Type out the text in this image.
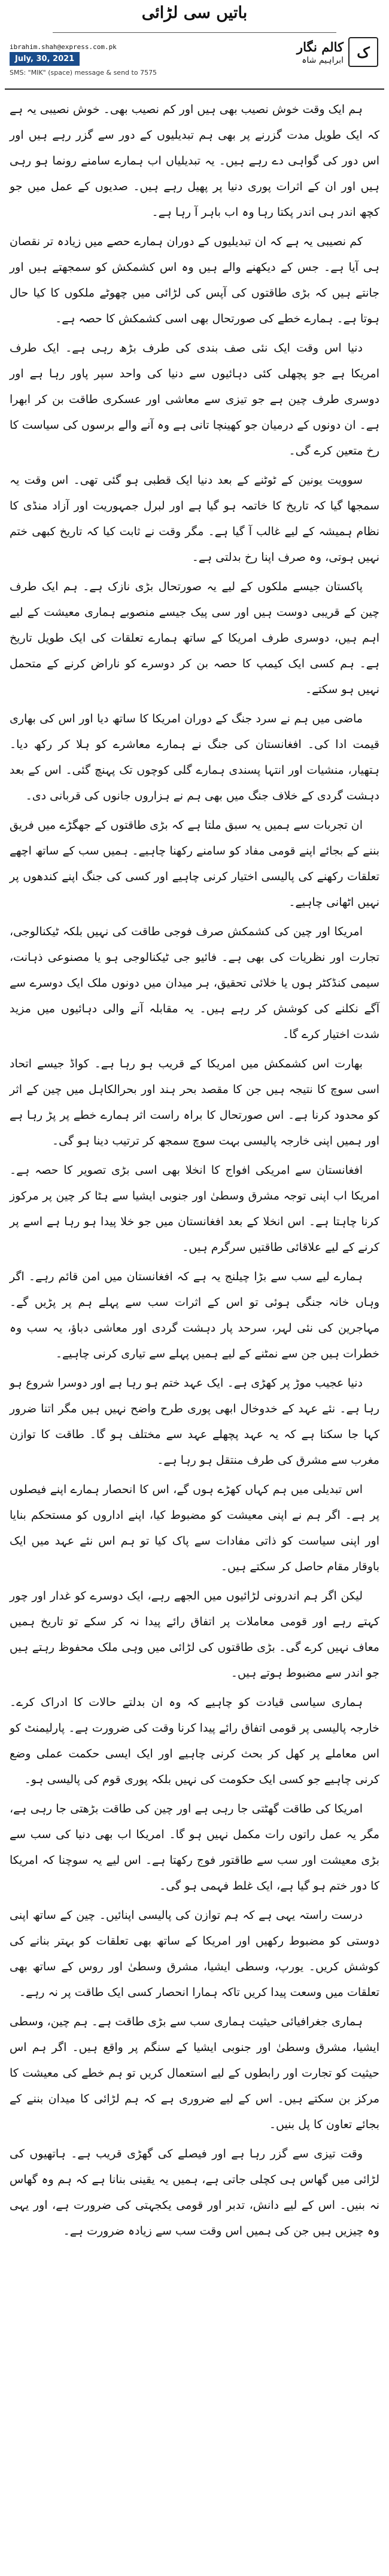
باتیں سی لڑائی
کالم نگار
ابراہیم شاہ ک
ibrahim.shah@express.com.pk
July, 30, 2021
SMS: "MIK" (space) message & send to 7575

ہم ایک وقت خوش نصیب بھی ہیں اور کم نصیب بھی۔ خوش نصیبی یہ ہے کہ ایک طویل مدت گزرنے پر بھی ہم تبدیلیوں کے دور سے گزر رہے ہیں اور اس دور کی گواہی دے رہے ہیں۔ یہ تبدیلیاں اب ہمارے سامنے رونما ہو رہی ہیں اور ان کے اثرات پوری دنیا پر پھیل رہے ہیں۔ صدیوں کے عمل میں جو کچھ اندر ہی اندر پکتا رہا وہ اب باہر آ رہا ہے۔

کم نصیبی یہ ہے کہ ان تبدیلیوں کے دوران ہمارے حصے میں زیادہ تر نقصان ہی آیا ہے۔ جس کے دیکھنے والے ہیں وہ اس کشمکش کو سمجھتے ہیں اور جانتے ہیں کہ بڑی طاقتوں کی آپس کی لڑائی میں چھوٹے ملکوں کا کیا حال ہوتا ہے۔ ہمارے خطے کی صورتحال بھی اسی کشمکش کا حصہ ہے۔

دنیا اس وقت ایک نئی صف بندی کی طرف بڑھ رہی ہے۔ ایک طرف امریکا ہے جو پچھلی کئی دہائیوں سے دنیا کی واحد سپر پاور رہا ہے اور دوسری طرف چین ہے جو تیزی سے معاشی اور عسکری طاقت بن کر ابھرا ہے۔ ان دونوں کے درمیان جو کھینچا تانی ہے وہ آنے والے برسوں کی سیاست کا رخ متعین کرے گی۔

سوویت یونین کے ٹوٹنے کے بعد دنیا ایک قطبی ہو گئی تھی۔ اس وقت یہ سمجھا گیا کہ تاریخ کا خاتمہ ہو گیا ہے اور لبرل جمہوریت اور آزاد منڈی کا نظام ہمیشہ کے لیے غالب آ گیا ہے۔ مگر وقت نے ثابت کیا کہ تاریخ کبھی ختم نہیں ہوتی، وہ صرف اپنا رخ بدلتی ہے۔

پاکستان جیسے ملکوں کے لیے یہ صورتحال بڑی نازک ہے۔ ہم ایک طرف چین کے قریبی دوست ہیں اور سی پیک جیسے منصوبے ہماری معیشت کے لیے اہم ہیں، دوسری طرف امریکا کے ساتھ ہمارے تعلقات کی ایک طویل تاریخ ہے۔ ہم کسی ایک کیمپ کا حصہ بن کر دوسرے کو ناراض کرنے کے متحمل نہیں ہو سکتے۔

ماضی میں ہم نے سرد جنگ کے دوران امریکا کا ساتھ دیا اور اس کی بھاری قیمت ادا کی۔ افغانستان کی جنگ نے ہمارے معاشرے کو ہلا کر رکھ دیا۔ ہتھیار، منشیات اور انتہا پسندی ہمارے گلی کوچوں تک پہنچ گئی۔ اس کے بعد دہشت گردی کے خلاف جنگ میں بھی ہم نے ہزاروں جانوں کی قربانی دی۔

ان تجربات سے ہمیں یہ سبق ملتا ہے کہ بڑی طاقتوں کے جھگڑے میں فریق بننے کے بجائے اپنے قومی مفاد کو سامنے رکھنا چاہیے۔ ہمیں سب کے ساتھ اچھے تعلقات رکھنے کی پالیسی اختیار کرنی چاہیے اور کسی کی جنگ اپنے کندھوں پر نہیں اٹھانی چاہیے۔

امریکا اور چین کی کشمکش صرف فوجی طاقت کی نہیں بلکہ ٹیکنالوجی، تجارت اور نظریات کی بھی ہے۔ فائیو جی ٹیکنالوجی ہو یا مصنوعی ذہانت، سیمی کنڈکٹر ہوں یا خلائی تحقیق، ہر میدان میں دونوں ملک ایک دوسرے سے آگے نکلنے کی کوشش کر رہے ہیں۔ یہ مقابلہ آنے والی دہائیوں میں مزید شدت اختیار کرے گا۔

بھارت اس کشمکش میں امریکا کے قریب ہو رہا ہے۔ کواڈ جیسے اتحاد اسی سوچ کا نتیجہ ہیں جن کا مقصد بحر ہند اور بحرالکاہل میں چین کے اثر کو محدود کرنا ہے۔ اس صورتحال کا براہ راست اثر ہمارے خطے پر پڑ رہا ہے اور ہمیں اپنی خارجہ پالیسی بہت سوچ سمجھ کر ترتیب دینا ہو گی۔

افغانستان سے امریکی افواج کا انخلا بھی اسی بڑی تصویر کا حصہ ہے۔ امریکا اب اپنی توجہ مشرق وسطیٰ اور جنوبی ایشیا سے ہٹا کر چین پر مرکوز کرنا چاہتا ہے۔ اس انخلا کے بعد افغانستان میں جو خلا پیدا ہو رہا ہے اسے پر کرنے کے لیے علاقائی طاقتیں سرگرم ہیں۔

ہمارے لیے سب سے بڑا چیلنج یہ ہے کہ افغانستان میں امن قائم رہے۔ اگر وہاں خانہ جنگی ہوئی تو اس کے اثرات سب سے پہلے ہم پر پڑیں گے۔ مہاجرین کی نئی لہر، سرحد پار دہشت گردی اور معاشی دباؤ، یہ سب وہ خطرات ہیں جن سے نمٹنے کے لیے ہمیں پہلے سے تیاری کرنی چاہیے۔

دنیا عجیب موڑ پر کھڑی ہے۔ ایک عہد ختم ہو رہا ہے اور دوسرا شروع ہو رہا ہے۔ نئے عہد کے خدوخال ابھی پوری طرح واضح نہیں ہیں مگر اتنا ضرور کہا جا سکتا ہے کہ یہ عہد پچھلے عہد سے مختلف ہو گا۔ طاقت کا توازن مغرب سے مشرق کی طرف منتقل ہو رہا ہے۔

اس تبدیلی میں ہم کہاں کھڑے ہوں گے، اس کا انحصار ہمارے اپنے فیصلوں پر ہے۔ اگر ہم نے اپنی معیشت کو مضبوط کیا، اپنے اداروں کو مستحکم بنایا اور اپنی سیاست کو ذاتی مفادات سے پاک کیا تو ہم اس نئے عہد میں ایک باوقار مقام حاصل کر سکتے ہیں۔

لیکن اگر ہم اندرونی لڑائیوں میں الجھے رہے، ایک دوسرے کو غدار اور چور کہتے رہے اور قومی معاملات پر اتفاق رائے پیدا نہ کر سکے تو تاریخ ہمیں معاف نہیں کرے گی۔ بڑی طاقتوں کی لڑائی میں وہی ملک محفوظ رہتے ہیں جو اندر سے مضبوط ہوتے ہیں۔

ہماری سیاسی قیادت کو چاہیے کہ وہ ان بدلتے حالات کا ادراک کرے۔ خارجہ پالیسی پر قومی اتفاق رائے پیدا کرنا وقت کی ضرورت ہے۔ پارلیمنٹ کو اس معاملے پر کھل کر بحث کرنی چاہیے اور ایک ایسی حکمت عملی وضع کرنی چاہیے جو کسی ایک حکومت کی نہیں بلکہ پوری قوم کی پالیسی ہو۔

امریکا کی طاقت گھٹتی جا رہی ہے اور چین کی طاقت بڑھتی جا رہی ہے، مگر یہ عمل راتوں رات مکمل نہیں ہو گا۔ امریکا اب بھی دنیا کی سب سے بڑی معیشت اور سب سے طاقتور فوج رکھتا ہے۔ اس لیے یہ سوچنا کہ امریکا کا دور ختم ہو گیا ہے، ایک غلط فہمی ہو گی۔

درست راستہ یہی ہے کہ ہم توازن کی پالیسی اپنائیں۔ چین کے ساتھ اپنی دوستی کو مضبوط رکھیں اور امریکا کے ساتھ بھی تعلقات کو بہتر بنانے کی کوشش کریں۔ یورپ، وسطی ایشیا، مشرق وسطیٰ اور روس کے ساتھ بھی تعلقات میں وسعت پیدا کریں تاکہ ہمارا انحصار کسی ایک طاقت پر نہ رہے۔

ہماری جغرافیائی حیثیت ہماری سب سے بڑی طاقت ہے۔ ہم چین، وسطی ایشیا، مشرق وسطیٰ اور جنوبی ایشیا کے سنگم پر واقع ہیں۔ اگر ہم اس حیثیت کو تجارت اور رابطوں کے لیے استعمال کریں تو ہم خطے کی معیشت کا مرکز بن سکتے ہیں۔ اس کے لیے ضروری ہے کہ ہم لڑائی کا میدان بننے کے بجائے تعاون کا پل بنیں۔

وقت تیزی سے گزر رہا ہے اور فیصلے کی گھڑی قریب ہے۔ ہاتھیوں کی لڑائی میں گھاس ہی کچلی جاتی ہے، ہمیں یہ یقینی بنانا ہے کہ ہم وہ گھاس نہ بنیں۔ اس کے لیے دانش، تدبر اور قومی یکجہتی کی ضرورت ہے، اور یہی وہ چیزیں ہیں جن کی ہمیں اس وقت سب سے زیادہ ضرورت ہے۔
